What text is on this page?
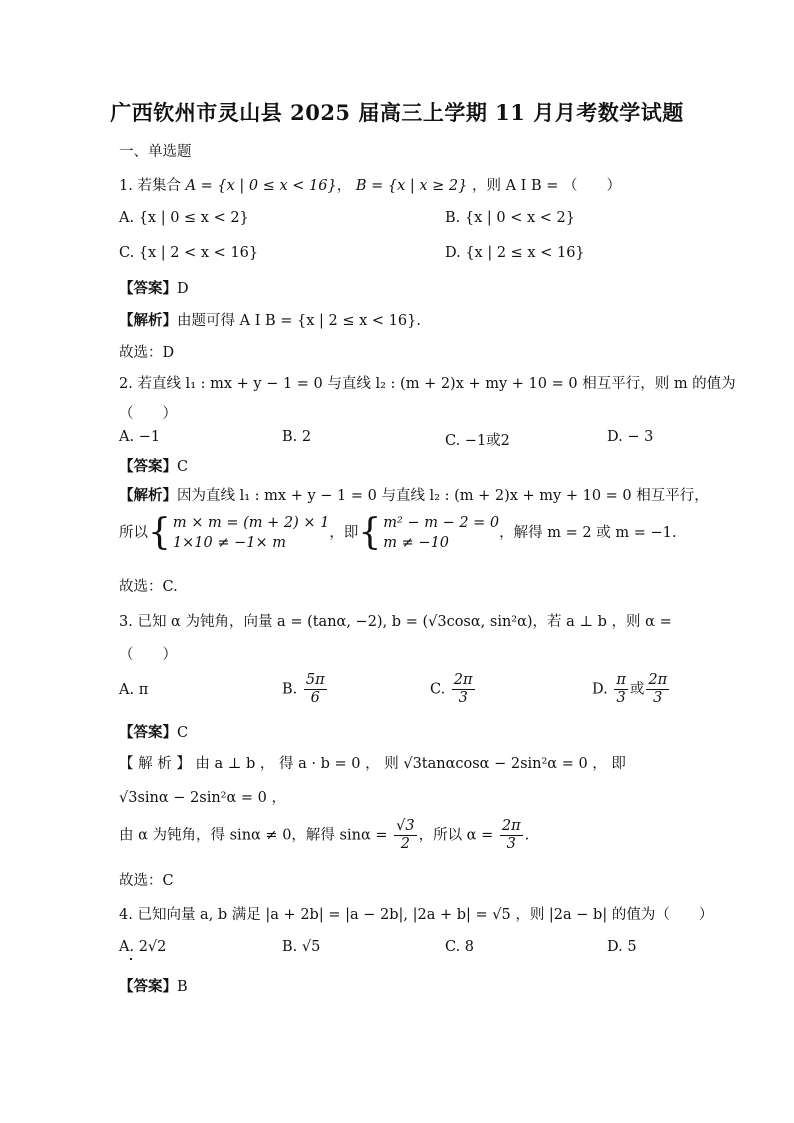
广西钦州市灵山县 2025 届高三上学期 11 月月考数学试题
一、单选题
1. 若集合 A = {x | 0 ≤ x < 16}， B = {x | x ≥ 2} ，则 A I B = （　　）
A. {x | 0 ≤ x < 2}	B. {x | 0 < x < 2}
C. {x | 2 < x < 16}	D. {x | 2 ≤ x < 16}
【答案】D
【解析】由题可得 A I B = {x | 2 ≤ x < 16}.
故选：D
2. 若直线 l₁ : mx + y − 1 = 0 与直线 l₂ : (m + 2)x + my + 10 = 0 相互平行，则 m 的值为
（　　）
A. −1	B. 2	C. −1或2	D. − 3
【答案】C
【解析】因为直线 l₁ : mx + y − 1 = 0 与直线 l₂ : (m + 2)x + my + 10 = 0 相互平行，
所以{ m × m = (m + 2) × 1
1×10 ≠ −1× m
，即{ m² − m − 2 = 0
m ≠ −10
，解得 m = 2 或 m = −1.
故选：C.
3. 已知 α 为钝角，向量 a = (tanα, −2), b = (√3cosα, sin²α)，若 a ⊥ b ，则 α =
（　　）
A. π	B. $\frac{5\pi}{6}$	C. $\frac{2\pi}{3}$	D. $\frac{\pi}{3}$ 或 $\frac{2\pi}{3}$
【答案】C
【 解 析 】 由 a ⊥ b ， 得 a · b = 0 ， 则 √3tanαcosα − 2sin²α = 0 ， 即
√3sinα − 2sin²α = 0 ，
由 α 为钝角，得 sinα ≠ 0，解得 $\sin\alpha = \frac{√3}{2}$ ，所以 $\alpha = \frac{2\pi}{3}$ .
故选：C
4. 已知向量 a, b 满足 |a + 2b| = |a − 2b|, |2a + b| = √5 ，则 |2a − b| 的值为（　　）
A. 2√2	B. √5	C. 8	D. 5
【答案】B
